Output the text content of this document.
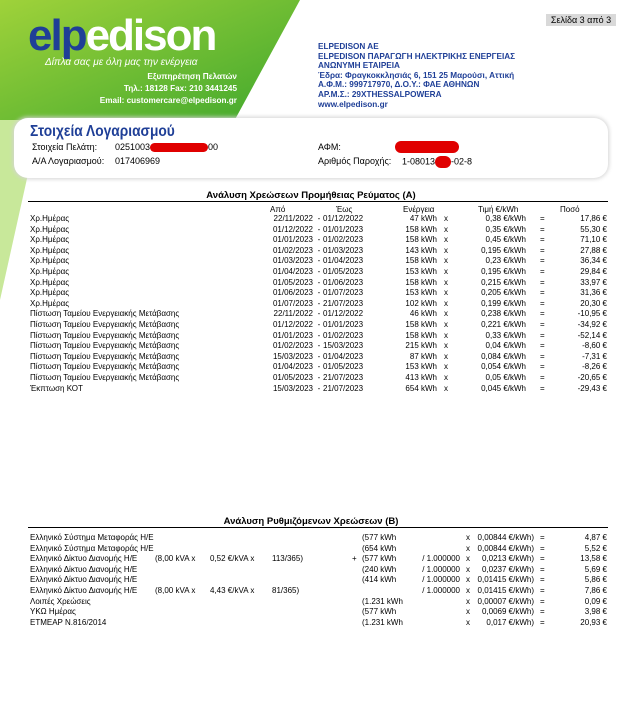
Σελίδα 3 από 3
elpedison
Δίπλα σας με όλη μας την ενέργεια
Εξυπηρέτηση Πελατών
Τηλ.: 18128 Fax: 210 3441245
Email: customercare@elpedison.gr
ELPEDISON AE
ELPEDISON ΠΑΡΑΓΩΓΗ ΗΛΕΚΤΡΙΚΗΣ ΕΝΕΡΓΕΙΑΣ
ΑΝΩΝΥΜΗ ΕΤΑΙΡΕΙΑ
Έδρα: Φραγκοκκλησιάς 6, 151 25 Μαρούσι, Αττική
Α.Φ.Μ.: 999717970, Δ.Ο.Υ.: ΦΑΕ ΑΘΗΝΩΝ
ΑΡ.Μ.Σ.: 29XTHESSALPOWERA
www.elpedison.gr
Στοιχεία Λογαριασμού
Στοιχεία Πελάτη: 0251003	00
Α/Α Λογαριασμού: 017406969
ΑΦΜ:
Αριθμός Παροχής: 1-08013 -02-8
Ανάλυση Χρεώσεων Προμήθειας Ρεύματος (Α)
Από	Έως	Ενέργεια	Τιμή €/kWh	Ποσό
Χρ.Ημέρας	22/11/2022 - 01/12/2022	47 kWh x	0,38 €/kWh =	17,86 €
Χρ.Ημέρας	01/12/2022 - 01/01/2023	158 kWh x	0,35 €/kWh =	55,30 €
Χρ.Ημέρας	01/01/2023 - 01/02/2023	158 kWh x	0,45 €/kWh =	71,10 €
Χρ.Ημέρας	01/02/2023 - 01/03/2023	143 kWh x	0,195 €/kWh =	27,88 €
Χρ.Ημέρας	01/03/2023 - 01/04/2023	158 kWh x	0,23 €/kWh =	36,34 €
Χρ.Ημέρας	01/04/2023 - 01/05/2023	153 kWh x	0,195 €/kWh =	29,84 €
Χρ.Ημέρας	01/05/2023 - 01/06/2023	158 kWh x	0,215 €/kWh =	33,97 €
Χρ.Ημέρας	01/06/2023 - 01/07/2023	153 kWh x	0,205 €/kWh =	31,36 €
Χρ.Ημέρας	01/07/2023 - 21/07/2023	102 kWh x	0,199 €/kWh =	20,30 €
Πίστωση Ταμείου Ενεργειακής Μετάβασης	22/11/2022 - 01/12/2022	46 kWh x	0,238 €/kWh =	-10,95 €
Πίστωση Ταμείου Ενεργειακής Μετάβασης	01/12/2022 - 01/01/2023	158 kWh x	0,221 €/kWh =	-34,92 €
Πίστωση Ταμείου Ενεργειακής Μετάβασης	01/01/2023 - 01/02/2023	158 kWh x	0,33 €/kWh =	-52,14 €
Πίστωση Ταμείου Ενεργειακής Μετάβασης	01/02/2023 - 15/03/2023	215 kWh x	0,04 €/kWh =	-8,60 €
Πίστωση Ταμείου Ενεργειακής Μετάβασης	15/03/2023 - 01/04/2023	87 kWh x	0,084 €/kWh =	-7,31 €
Πίστωση Ταμείου Ενεργειακής Μετάβασης	01/04/2023 - 01/05/2023	153 kWh x	0,054 €/kWh =	-8,26 €
Πίστωση Ταμείου Ενεργειακής Μετάβασης	01/05/2023 - 21/07/2023	413 kWh x	0,05 €/kWh =	-20,65 €
Έκπτωση ΚΟΤ	15/03/2023 - 21/07/2023	654 kWh x	0,045 €/kWh =	-29,43 €
Ανάλυση Ρυθμιζόμενων Χρεώσεων (Β)
Ελληνικό Σύστημα Μεταφοράς Η/Ε	(577 kWh	x 0,00844 €/kWh) =	4,87 €
Ελληνικό Σύστημα Μεταφοράς Η/Ε	(654 kWh	x 0,00844 €/kWh) =	5,52 €
Ελληνικό Δίκτυο Διανομής Η/Ε	(8,00 kVA x	0,52 €/kVA x	113/365)	+ (577 kWh	/ 1.000000 x	0,0213 €/kWh) =	13,58 €
Ελληνικό Δίκτυο Διανομής Η/Ε	(240 kWh	/ 1.000000 x	0,0237 €/kWh) =	5,69 €
Ελληνικό Δίκτυο Διανομής Η/Ε	(414 kWh	/ 1.000000 x 0,01415 €/kWh) =	5,86 €
Ελληνικό Δίκτυο Διανομής Η/Ε	(8,00 kVA x	4,43 €/kVA x	81/365)	/ 1.000000 x 0,01415 €/kWh) =	7,86 €
Λοιπές Χρεώσεις	(1.231 kWh	x 0,00007 €/kWh) =	0,09 €
ΥΚΩ Ημέρας	(577 kWh	x	0,0069 €/kWh) =	3,98 €
ΕΤΜΕΑΡ Ν.816/2014	(1.231 kWh	x	0,017 €/kWh) =	20,93 €
